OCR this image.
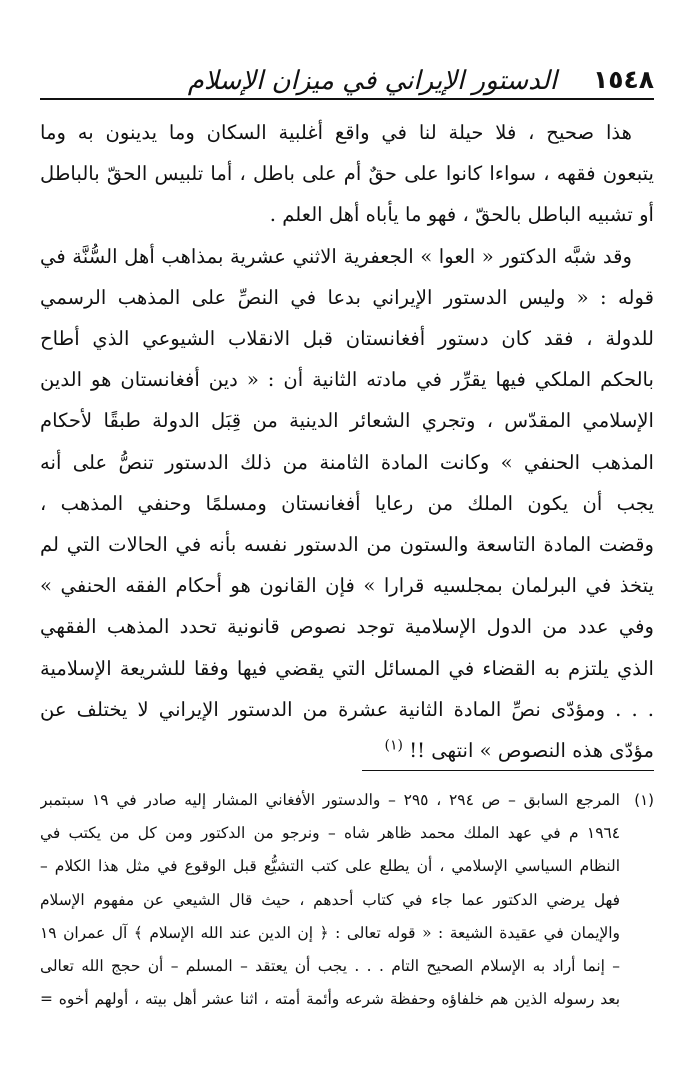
١٥٤٨
الدستور الإيراني في ميزان الإسلام

هذا صحيح ، فلا حيلة لنا في واقع أغلبية السكان وما يدينون به وما
يتبعون فقهه ، سواءا كانوا على حقٌ أم على باطل ، أما تلبيس الحقّ بالباطل
أو تشبيه الباطل بالحقّ ، فهو ما يأباه أهل العلم .

وقد شبَّه الدكتور « العوا » الجعفرية الاثني عشرية بمذاهب أهل السُّنَّة في
قوله : « وليس الدستور الإيراني بدعا في النصِّ على المذهب الرسمي
للدولة ، فقد كان دستور أفغانستان قبل الانقلاب الشيوعي الذي أطاح
بالحكم الملكي فيها يقرِّر في مادته الثانية أن : « دين أفغانستان هو الدين
الإسلامي المقدّس ، وتجري الشعائر الدينية من قِبَل الدولة طبقًا لأحكام
المذهب الحنفي » وكانت المادة الثامنة من ذلك الدستور تنصُّ على أنه
يجب أن يكون الملك من رعايا أفغانستان ومسلمًا وحنفي المذهب ،
وقضت المادة التاسعة والستون من الدستور نفسه بأنه في الحالات التي لم
يتخذ في البرلمان بمجلسيه قرارا » فإن القانون هو أحكام الفقه الحنفي »
وفي عدد من الدول الإسلامية توجد نصوص قانونية تحدد المذهب الفقهي
الذي يلتزم به القضاء في المسائل التي يقضي فيها وفقا للشريعة الإسلامية
. . . ومؤدّى نصِّ المادة الثانية عشرة من الدستور الإيراني لا يختلف عن
مؤدّى هذه النصوص » انتهى !! $^{(١)}$

(١)
المرجع السابق – ص ٢٩٤ ، ٢٩٥ – والدستور الأفغاني المشار إليه صادر في ١٩ سبتمبر
١٩٦٤ م في عهد الملك محمد ظاهر شاه – ونرجو من الدكتور ومن كل من يكتب في
النظام السياسي الإسلامي ، أن يطلع على كتب التشيُّع قبل الوقوع في مثل هذا الكلام –
فهل يرضي الدكتور عما جاء في كتاب أحدهم ، حيث قال الشيعي عن مفهوم الإسلام
والإيمان في عقيدة الشيعة : « قوله تعالى : ﴿ إن الدين عند الله الإسلام ﴾ آل عمران ١٩
– إنما أراد به الإسلام الصحيح التام . . . يجب أن يعتقد – المسلم – أن حجج الله تعالى
بعد رسوله الذين هم خلفاؤه وحفظة شرعه وأئمة أمته ، اثنا عشر أهل بيته ، أولهم أخوه =
